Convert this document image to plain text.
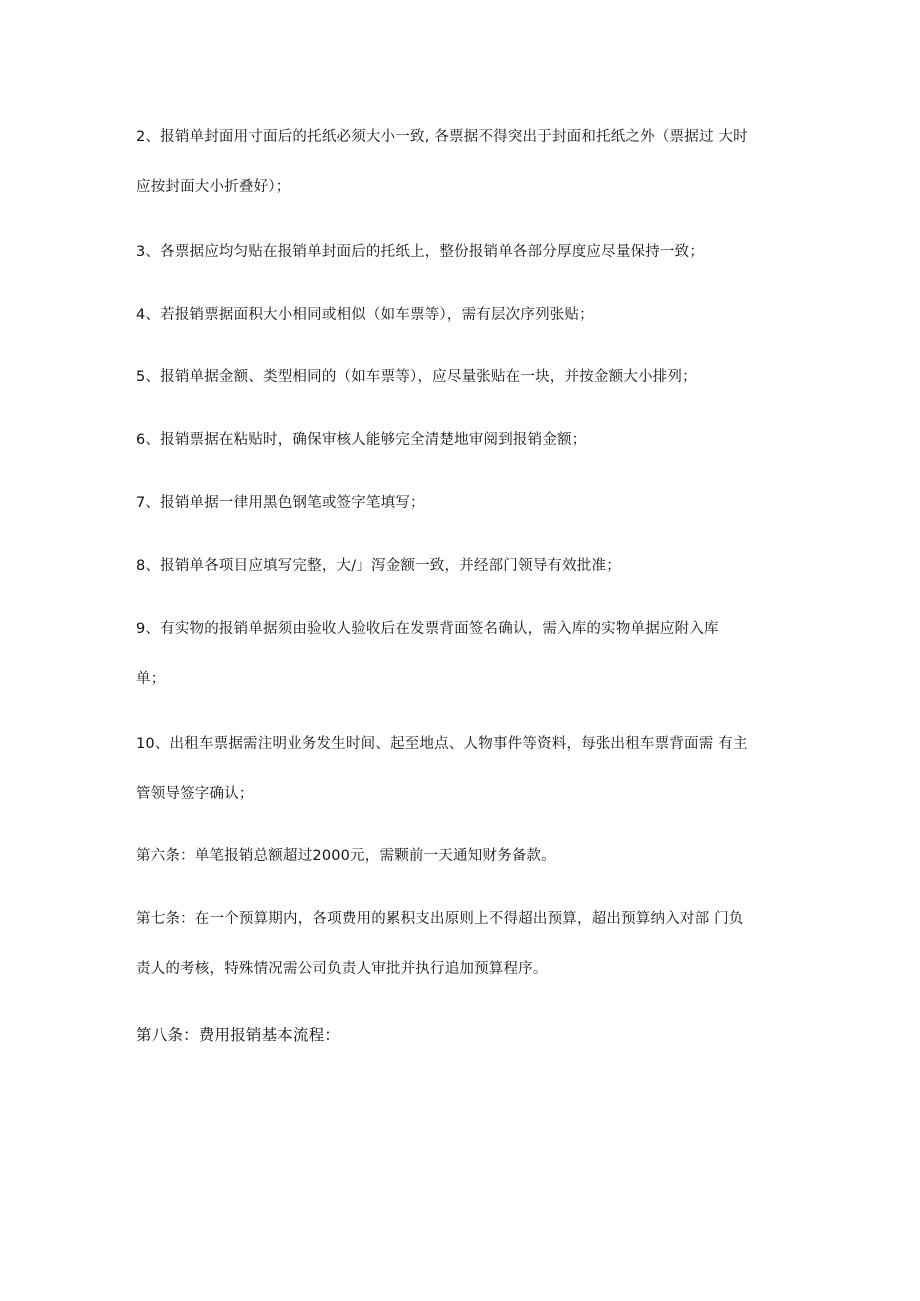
2、报销单封面用寸面后的托纸必须大小一致, 各票据不得突出于封面和托纸之外（票据过 大时
应按封面大小折叠好）；
3、各票据应均匀贴在报销单封面后的托纸上，整份报销单各部分厚度应尽量保持一致；
4、若报销票据面积大小相同或相似（如车票等），需有层次序列张贴；
5、报销单据金额、类型相同的（如车票等），应尽量张贴在一块，并按金额大小排列；
6、报销票据在粘贴时，确保审核人能够完全清楚地审阅到报销金额；
7、报销单据一律用黑色钢笔或签字笔填写；
8、报销单各项目应填写完整，大/」泻金额一致，并经部门领导有效批准；
9、有实物的报销单据须由验收人验收后在发票背面签名确认，需入库的实物单据应附入库
单；
10、出租车票据需注明业务发生时间、起至地点、人物事件等资料，每张出租车票背面需 有主
管领导签字确认；
第六条：单笔报销总额超过2000元，需颗前一天通知财务备款。
第七条：在一个预算期内，各项费用的累积支出原则上不得超出预算，超出预算纳入对部 门负
责人的考核，特殊情况需公司负责人审批并执行追加预算程序。
第八条：费用报销基本流程：
